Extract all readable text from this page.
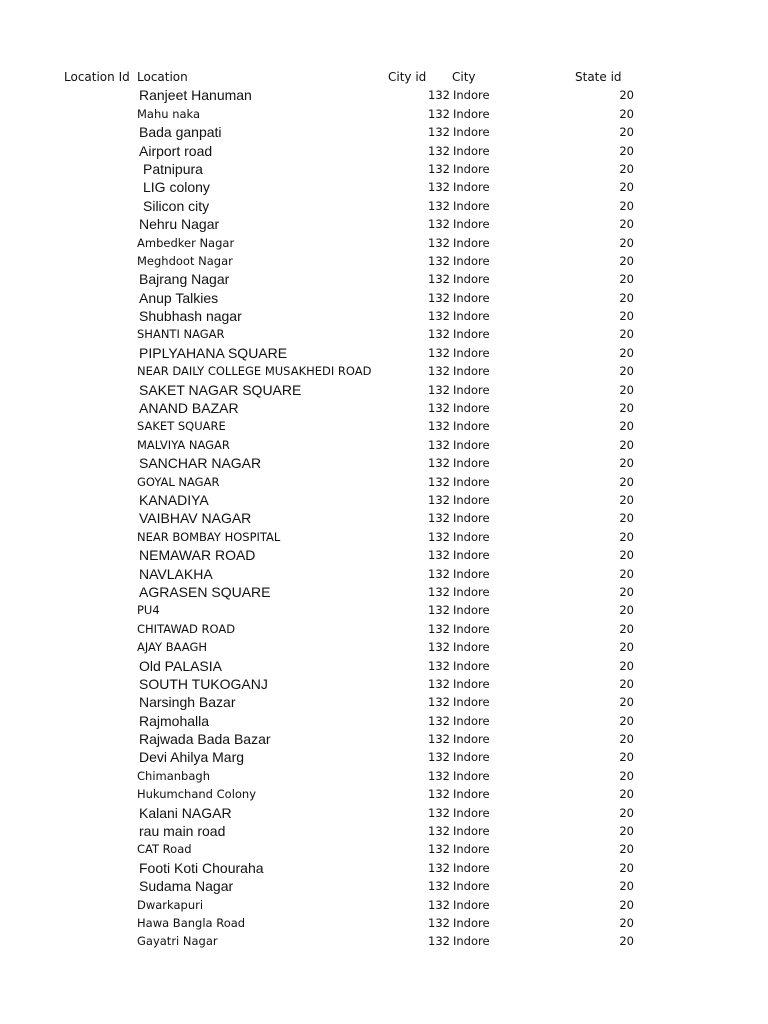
Location Id Location	City id City	State id
Ranjeet Hanuman	132 Indore	20
Mahu naka	132 Indore	20
Bada ganpati	132 Indore	20
Airport road	132 Indore	20
Patnipura	132 Indore	20
LIG colony	132 Indore	20
Silicon city	132 Indore	20
Nehru Nagar	132 Indore	20
Ambedker Nagar	132 Indore	20
Meghdoot Nagar	132 Indore	20
Bajrang Nagar	132 Indore	20
Anup Talkies	132 Indore	20
Shubhash nagar	132 Indore	20
SHANTI NAGAR	132 Indore	20
PIPLYAHANA SQUARE	132 Indore	20
NEAR DAILY COLLEGE MUSAKHEDI ROAD	132 Indore	20
SAKET NAGAR SQUARE	132 Indore	20
ANAND BAZAR	132 Indore	20
SAKET SQUARE	132 Indore	20
MALVIYA NAGAR	132 Indore	20
SANCHAR NAGAR	132 Indore	20
GOYAL NAGAR	132 Indore	20
KANADIYA	132 Indore	20
VAIBHAV NAGAR	132 Indore	20
NEAR BOMBAY HOSPITAL	132 Indore	20
NEMAWAR ROAD	132 Indore	20
NAVLAKHA	132 Indore	20
AGRASEN SQUARE	132 Indore	20
PU4	132 Indore	20
CHITAWAD ROAD	132 Indore	20
AJAY BAAGH	132 Indore	20
Old PALASIA	132 Indore	20
SOUTH TUKOGANJ	132 Indore	20
Narsingh Bazar	132 Indore	20
Rajmohalla	132 Indore	20
Rajwada Bada Bazar	132 Indore	20
Devi Ahilya Marg	132 Indore	20
Chimanbagh	132 Indore	20
Hukumchand Colony	132 Indore	20
Kalani NAGAR	132 Indore	20
rau main road	132 Indore	20
CAT Road	132 Indore	20
Footi Koti Chouraha	132 Indore	20
Sudama Nagar	132 Indore	20
Dwarkapuri	132 Indore	20
Hawa Bangla Road	132 Indore	20
Gayatri Nagar	132 Indore	20
